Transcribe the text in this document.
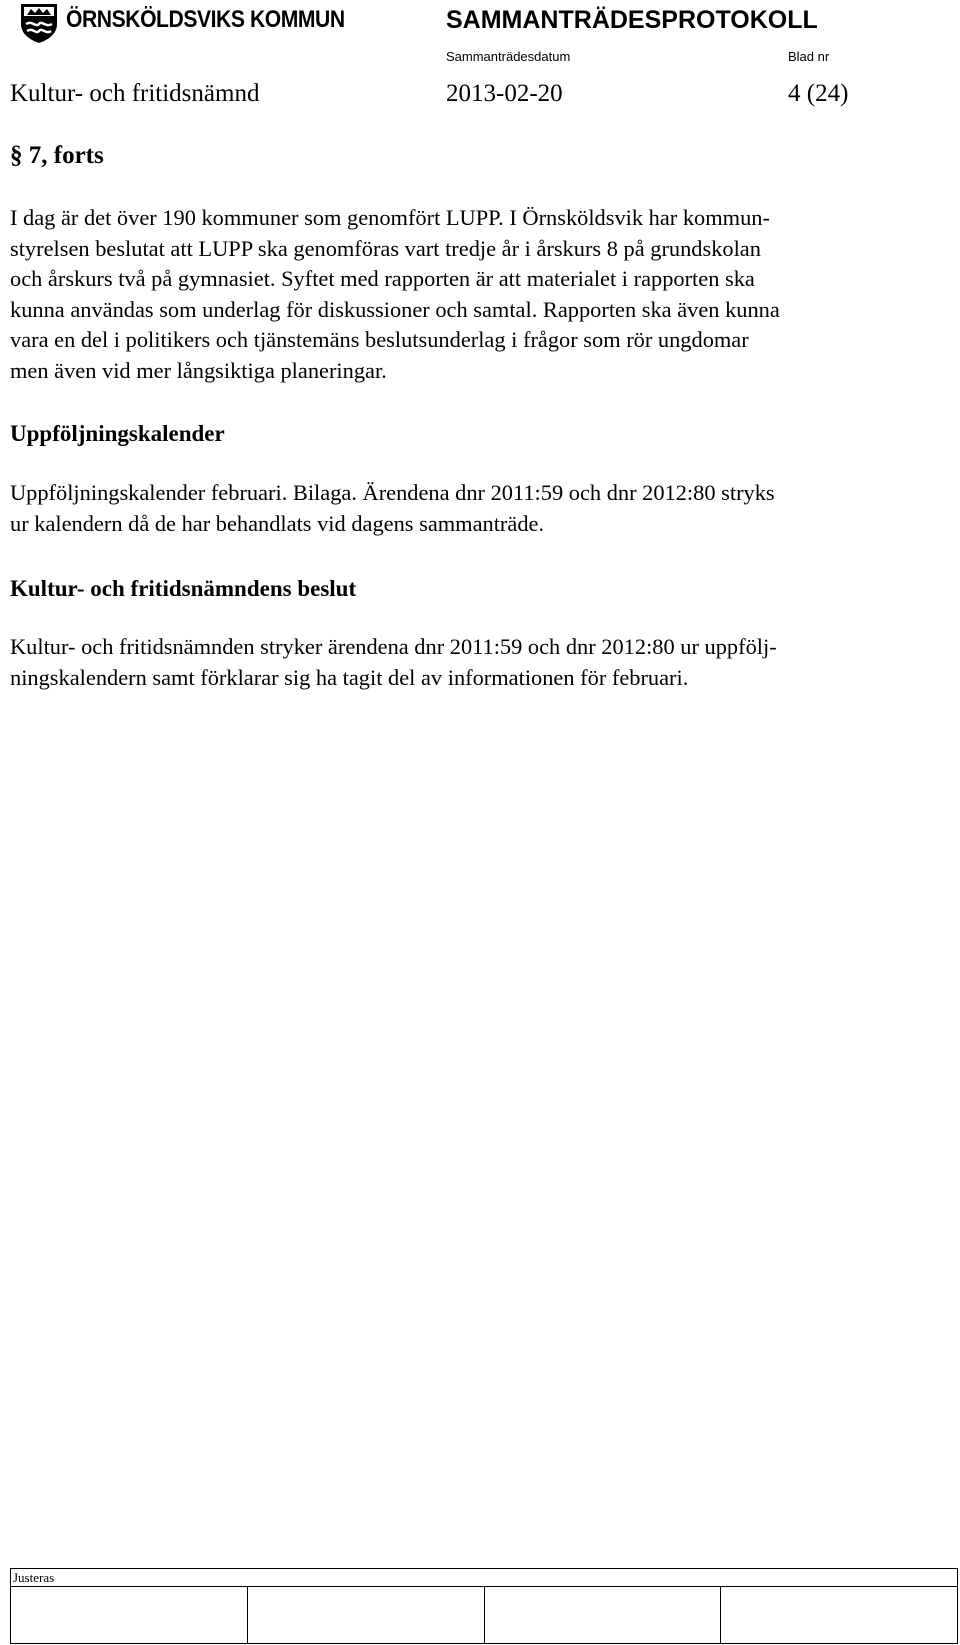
ÖRNSKÖLDSVIKS KOMMUN	SAMMANTRÄDESPROTOKOLL
Sammanträdesdatum	Blad nr
Kultur- och fritidsnämnd	2013-02-20	4 (24)
§ 7, forts
I dag är det över 190 kommuner som genomfört LUPP. I Örnsköldsvik har kommun-
styrelsen beslutat att LUPP ska genomföras vart tredje år i årskurs 8 på grundskolan
och årskurs två på gymnasiet. Syftet med rapporten är att materialet i rapporten ska
kunna användas som underlag för diskussioner och samtal. Rapporten ska även kunna
vara en del i politikers och tjänstemäns beslutsunderlag i frågor som rör ungdomar
men även vid mer långsiktiga planeringar.
Uppföljningskalender
Uppföljningskalender februari. Bilaga. Ärendena dnr 2011:59 och dnr 2012:80 stryks
ur kalendern då de har behandlats vid dagens sammanträde.
Kultur- och fritidsnämndens beslut
Kultur- och fritidsnämnden stryker ärendena dnr 2011:59 och dnr 2012:80 ur uppfölj-
ningskalendern samt förklarar sig ha tagit del av informationen för februari.
Justeras
